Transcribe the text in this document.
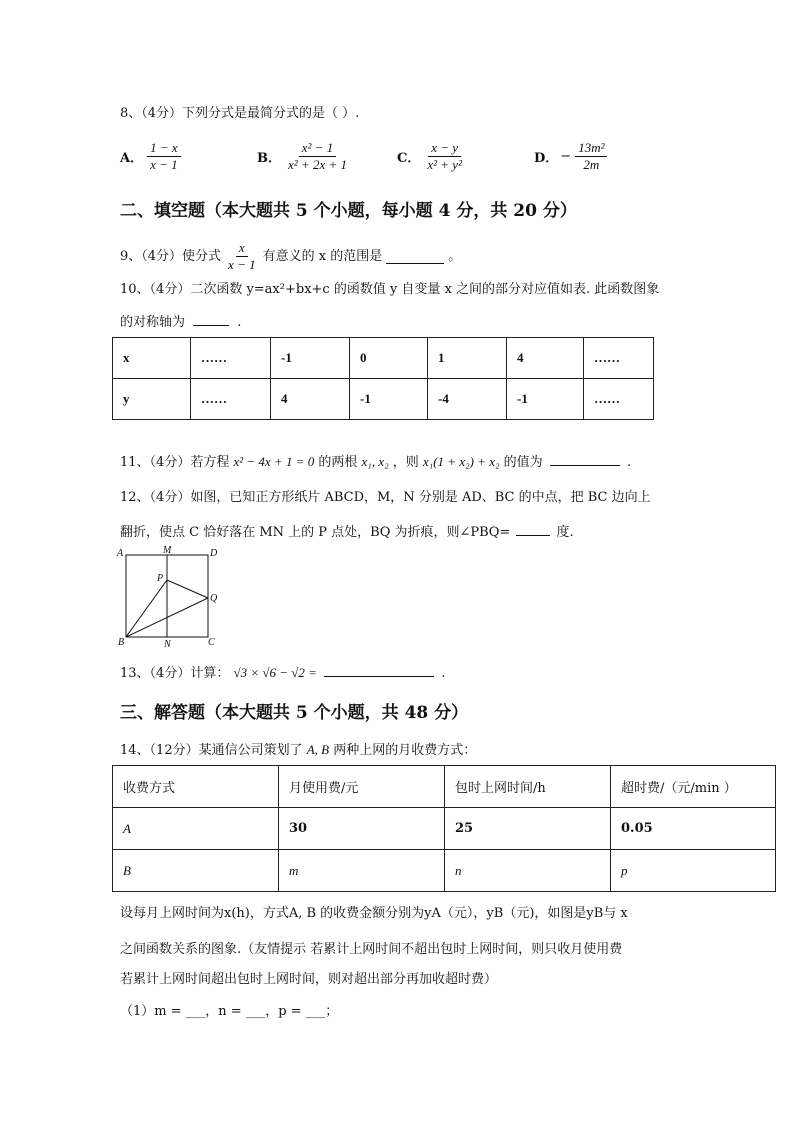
8、（4分）下列分式是最简分式的是（ ）.
A． $\frac{1 - x}{x - 1}$	B． $\frac{\text{x² − 1}}{\text{x² + 2x + 1}}$	C． $\frac{x - y}{\text{x² + y²}}$	D． − $\frac{\text{13m²}}{2m}$
二、填空题（本大题共 5 个小题，每小题 4 分，共 20 分）
9、（4分）使分式 $\frac{x}{x - 1}$ 有意义的 x 的范围是	。
10、（4分）二次函数 y=ax²+bx+c 的函数值 y 自变量 x 之间的部分对应值如表. 此函数图象
的对称轴为	.
x	……	-1	0	1	4	……
y	……	4	-1	-4	-1	……
11、（4分）若方程 x² − 4x + 1 = 0 的两根 x₁, x₂ ，则 x₁(1 + x₂) + x₂ 的值为	.
12、（4分）如图，已知正方形纸片 ABCD，M，N 分别是 AD、BC 的中点，把 BC 边向上
翻折，使点 C 恰好落在 MN 上的 P 点处，BQ 为折痕，则∠PBQ=	度.
A	M	D
P
Q
B	N	C
13、（4分）计算： √3 × √6 − √2 =	.
三、解答题（本大题共 5 个小题，共 48 分）
14、（12分）某通信公司策划了 A, B 两种上网的月收费方式：
收费方式	月使用费/元	包时上网时间/h	超时费/（元/min ）
A	30	25	0.05
B	m	n	p
设每月上网时间为x(h)，方式A, B 的收费金额分别为yA（元），yB（元)，如图是yB与 x
之间函数关系的图象.（友情提示 若累计上网时间不超出包时上网时间，则只收月使用费
若累计上网时间超出包时上网时间，则对超出部分再加收超时费）
（1）m = ___，n = ___，p = ___；
